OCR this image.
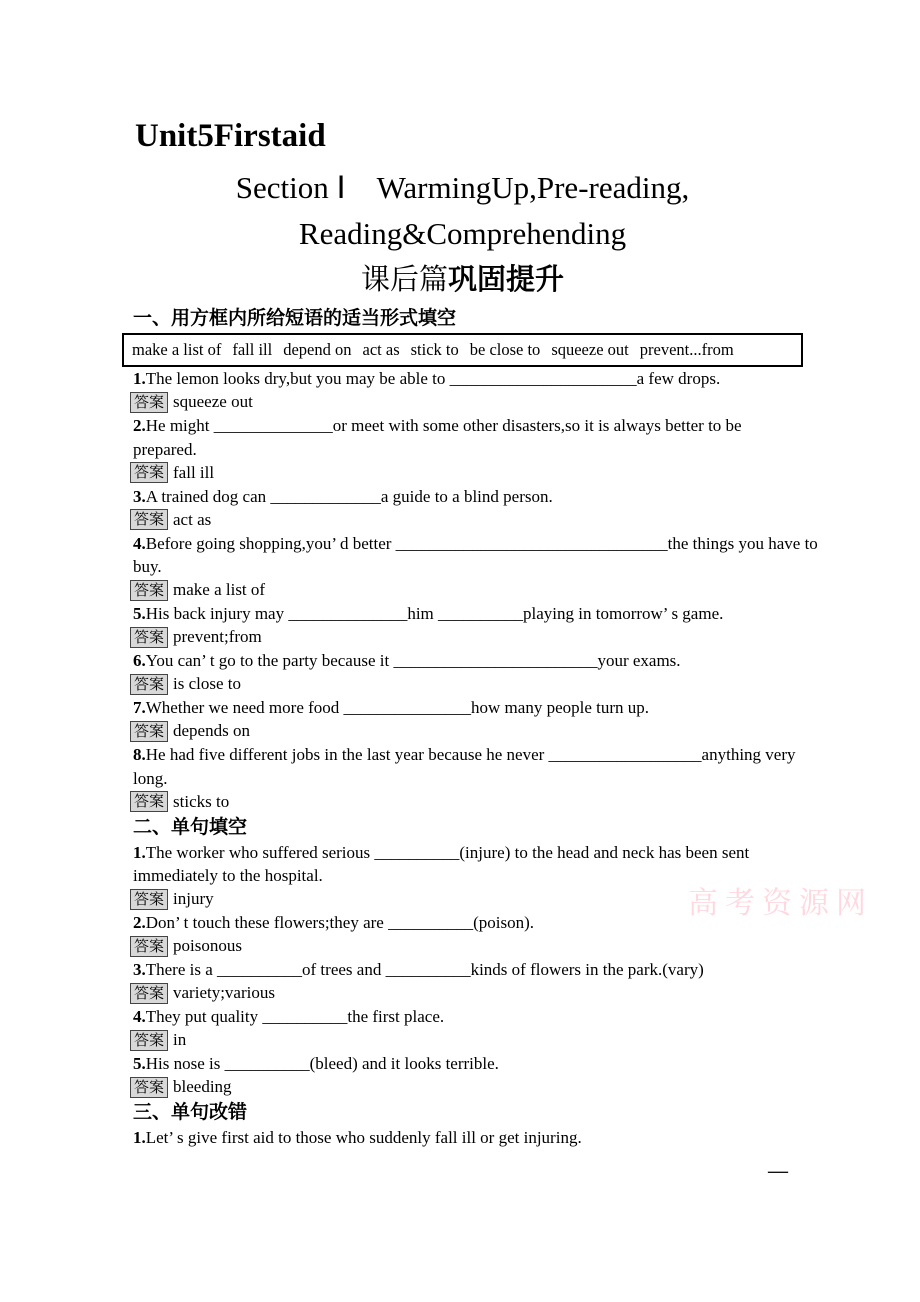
Unit5Firstaid
Section Ⅰ　WarmingUp,Pre-reading,
Reading&Comprehending
课后篇巩固提升
一、用方框内所给短语的适当形式填空
make a list of fall ill depend on act as stick to be close to squeeze out prevent...from
1.The lemon looks dry,but you may be able to ______________________a few drops.
答案 squeeze out
2.He might ______________or meet with some other disasters,so it is always better to be
prepared.
答案 fall ill
3.A trained dog can _____________a guide to a blind person.
答案 act as
4.Before going shopping,you’ d better ________________________________the things you have to
buy.
答案 make a list of
5.His back injury may ______________him __________playing in tomorrow’ s game.
答案 prevent;from
6.You can’ t go to the party because it ________________________your exams.
答案 is close to
7.Whether we need more food _______________how many people turn up.
答案 depends on
8.He had five different jobs in the last year because he never __________________anything very
long.
答案 sticks to
二、单句填空
1.The worker who suffered serious __________(injure) to the head and neck has been sent
immediately to the hospital.
答案 injury
2.Don’ t touch these flowers;they are __________(poison).
答案 poisonous
3.There is a __________of trees and __________kinds of flowers in the park.(vary)
答案 variety;various
4.They put quality __________the first place.
答案 in
5.His nose is __________(bleed) and it looks terrible.
答案 bleeding
三、单句改错
1.Let’ s give first aid to those who suddenly fall ill or get injuring.
高考资源网
—
